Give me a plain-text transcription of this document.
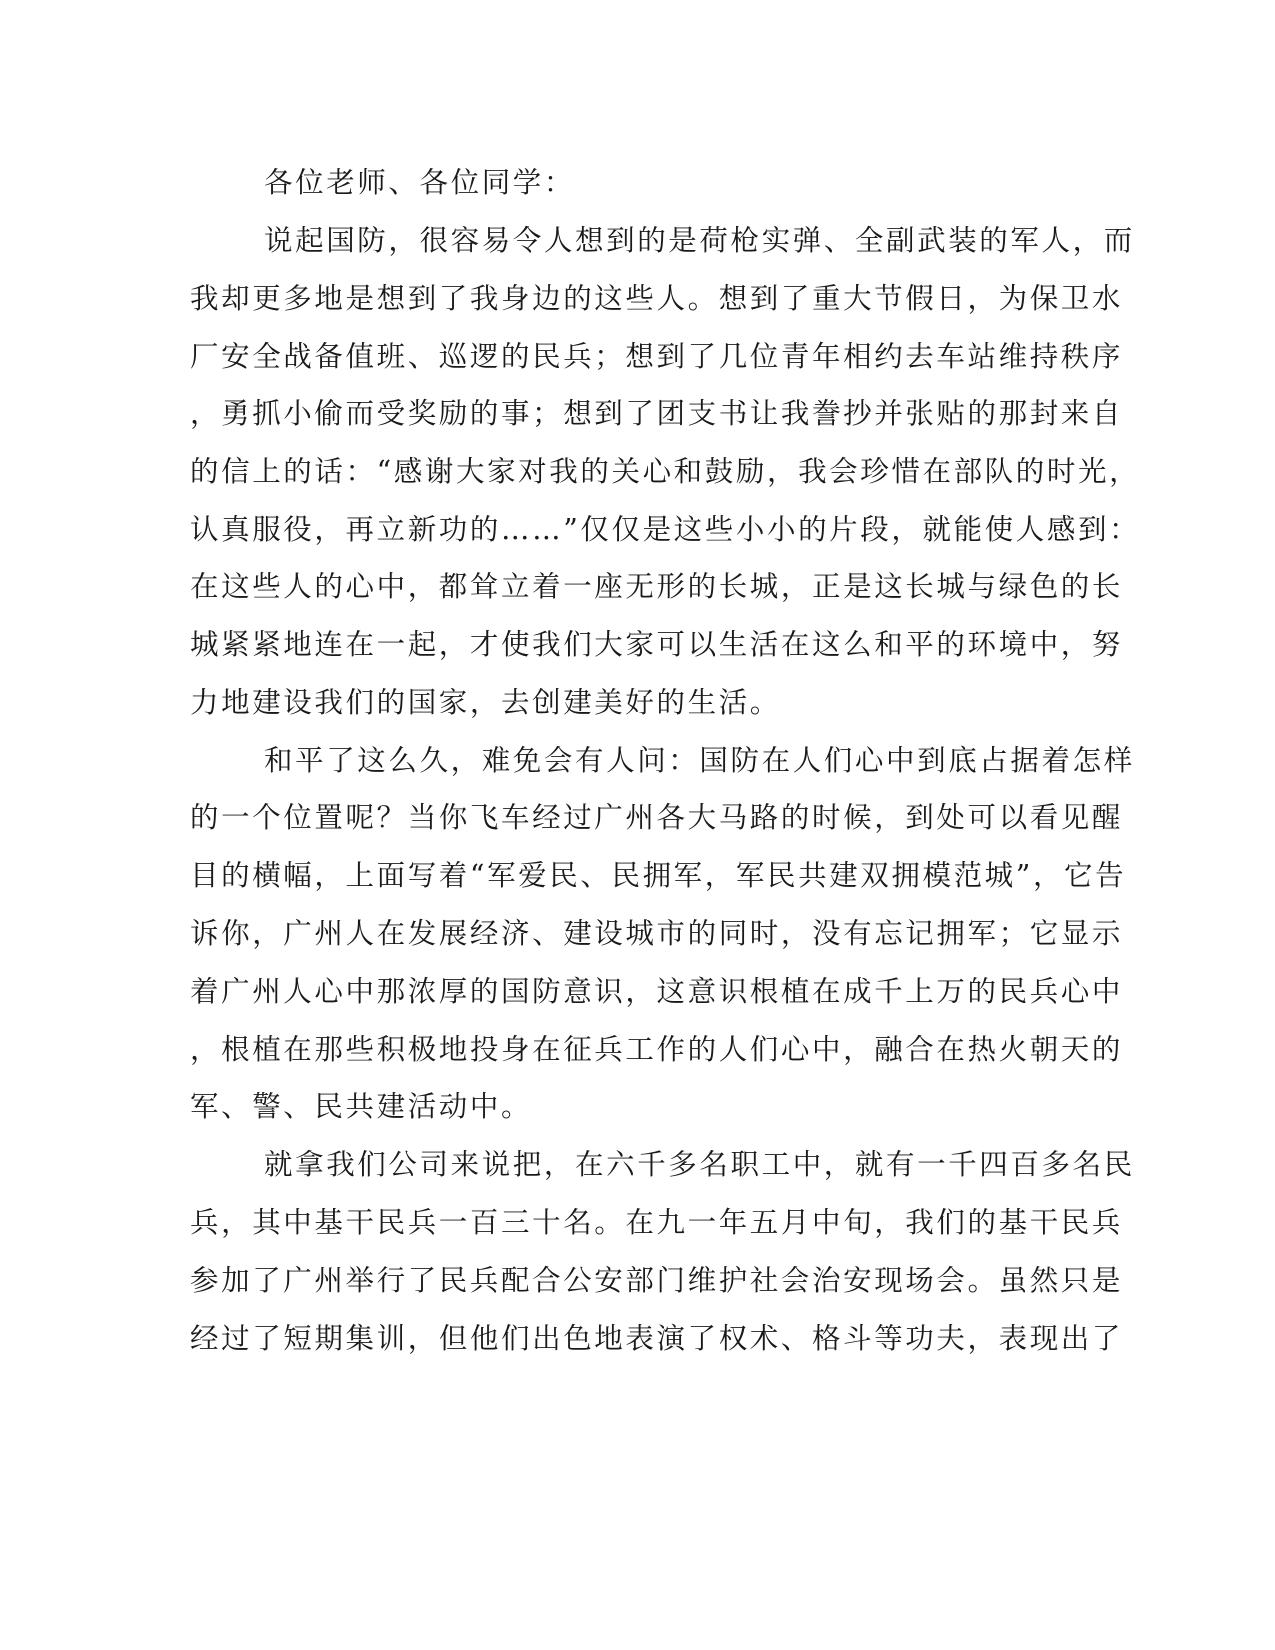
各位老师、各位同学：

说起国防，很容易令人想到的是荷枪实弹、全副武装的军人，而

我却更多地是想到了我身边的这些人。想到了重大节假日，为保卫水

厂安全战备值班、巡逻的民兵；想到了几位青年相约去车站维持秩序

，勇抓小偷而受奖励的事；想到了团支书让我誊抄并张贴的那封来自

的信上的话：“感谢大家对我的关心和鼓励，我会珍惜在部队的时光，

认真服役，再立新功的……”仅仅是这些小小的片段，就能使人感到：

在这些人的心中，都耸立着一座无形的长城，正是这长城与绿色的长

城紧紧地连在一起，才使我们大家可以生活在这么和平的环境中，努

力地建设我们的国家，去创建美好的生活。

和平了这么久，难免会有人问：国防在人们心中到底占据着怎样

的一个位置呢？当你飞车经过广州各大马路的时候，到处可以看见醒

目的横幅，上面写着“军爱民、民拥军，军民共建双拥模范城”，它告

诉你，广州人在发展经济、建设城市的同时，没有忘记拥军；它显示

着广州人心中那浓厚的国防意识，这意识根植在成千上万的民兵心中

，根植在那些积极地投身在征兵工作的人们心中，融合在热火朝天的

军、警、民共建活动中。

就拿我们公司来说把，在六千多名职工中，就有一千四百多名民

兵，其中基干民兵一百三十名。在九一年五月中旬，我们的基干民兵

参加了广州举行了民兵配合公安部门维护社会治安现场会。虽然只是

经过了短期集训，但他们出色地表演了权术、格斗等功夫，表现出了
